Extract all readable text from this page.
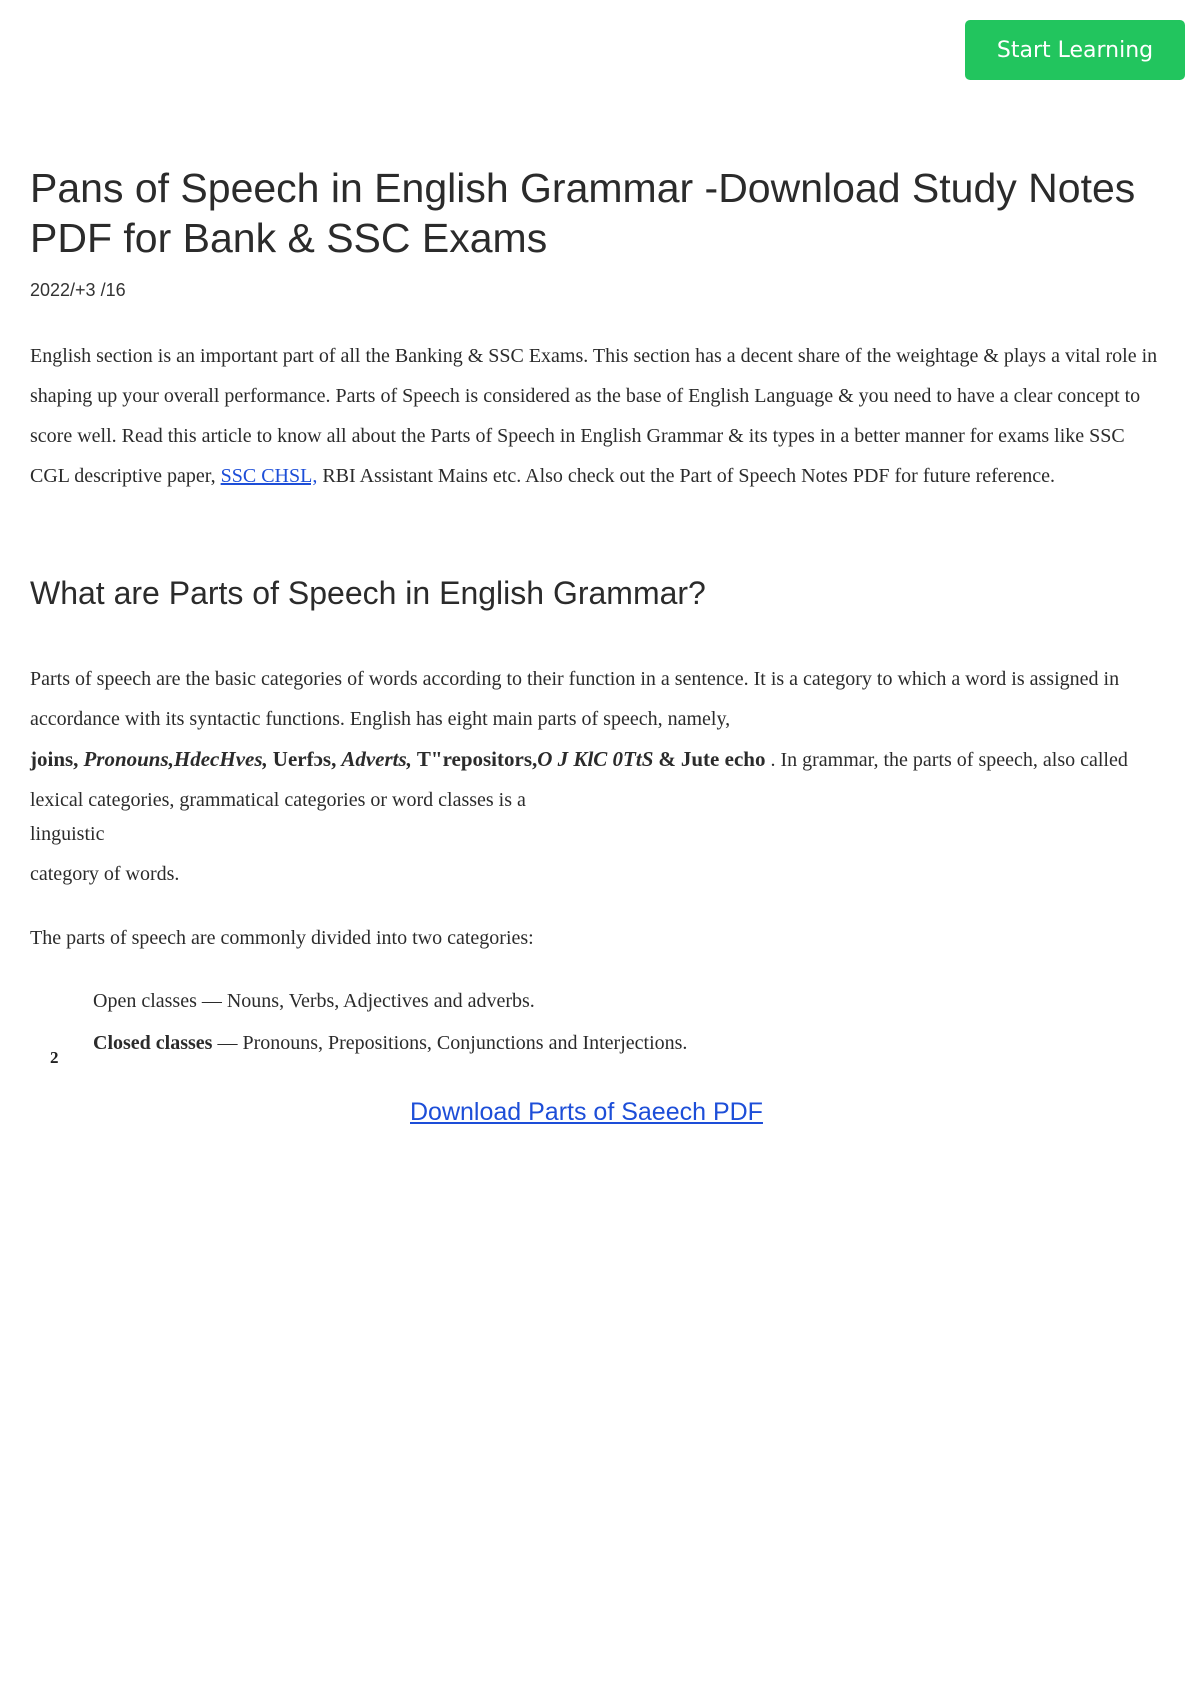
Start Learning
Pans of Speech in English Grammar -Download Study Notes PDF for Bank & SSC Exams
2022/+3 /16

English section is an important part of all the Banking & SSC Exams. This section has a decent share of the weightage & plays a vital role in shaping up your overall performance. Parts of Speech is considered as the base of English Language & you need to have a clear concept to score well. Read this article to know all about the Parts of Speech in English Grammar & its types in a better manner for exams like SSC CGL descriptive paper, SSC CHSL, RBI Assistant Mains etc. Also check out the Part of Speech Notes PDF for future reference.

What are Parts of Speech in English Grammar?

Parts of speech are the basic categories of words according to their function in a sentence. It is a category to which a word is assigned in accordance with its syntactic functions. English has eight main parts of speech, namely,
joins, Pronouns,HdecHves, Uerfɔs, Adverts, T"repositors,O J KlC 0TtS & Jute echo . In grammar, the parts of speech, also called lexical categories, grammatical categories or word classes is a

linguistic
category of words.
The parts of speech are commonly divided into two categories:
Open classes — Nouns, Verbs, Adjectives and adverbs.
Closed classes — Pronouns, Prepositions, Conjunctions and Interjections.
2
Download Parts of Saeech PDF
